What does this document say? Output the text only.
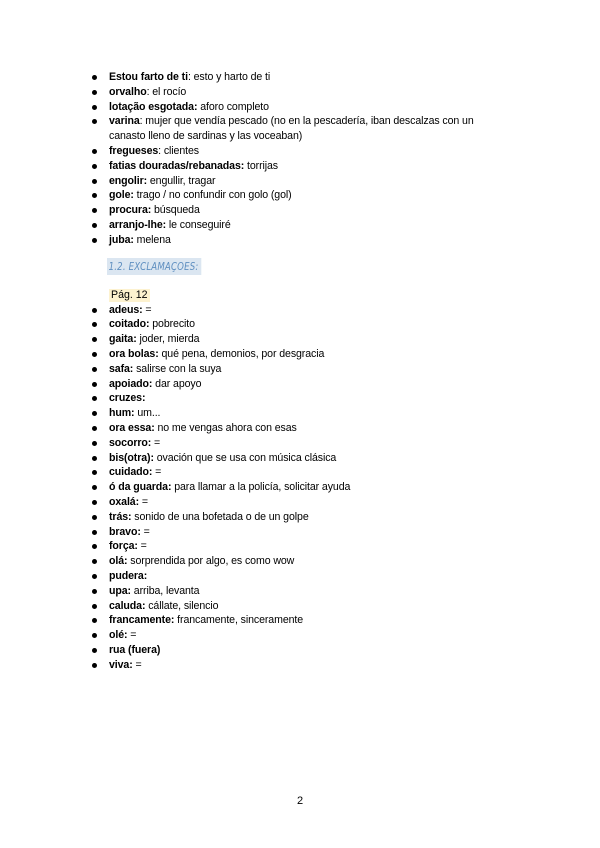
Estou farto de ti: esto y harto de ti
orvalho: el rocío
lotação esgotada: aforo completo
varina: mujer que vendía pescado (no en la pescadería, iban descalzas con un canasto lleno de sardinas y las voceaban)
fregueses: clientes
fatias douradas/rebanadas: torrijas
engolir: engullir, tragar
gole: trago / no confundir con golo (gol)
procura: búsqueda
arranjo-lhe: le conseguiré
juba: melena
1.2. EXCLAMAÇOES:
Pág. 12
adeus: =
coitado: pobrecito
gaita: joder, mierda
ora bolas: qué pena, demonios, por desgracia
safa: salirse con la suya
apoiado: dar apoyo
cruzes:
hum: um...
ora essa: no me vengas ahora con esas
socorro: =
bis(otra): ovación que se usa con música clásica
cuidado: =
ó da guarda: para llamar a la policía, solicitar ayuda
oxalá: =
trás: sonido de una bofetada o de un golpe
bravo: =
força: =
olá: sorprendida por algo, es como wow
pudera:
upa: arriba, levanta
caluda: cállate, silencio
francamente: francamente, sinceramente
olé: =
rua (fuera)
viva: =
2
